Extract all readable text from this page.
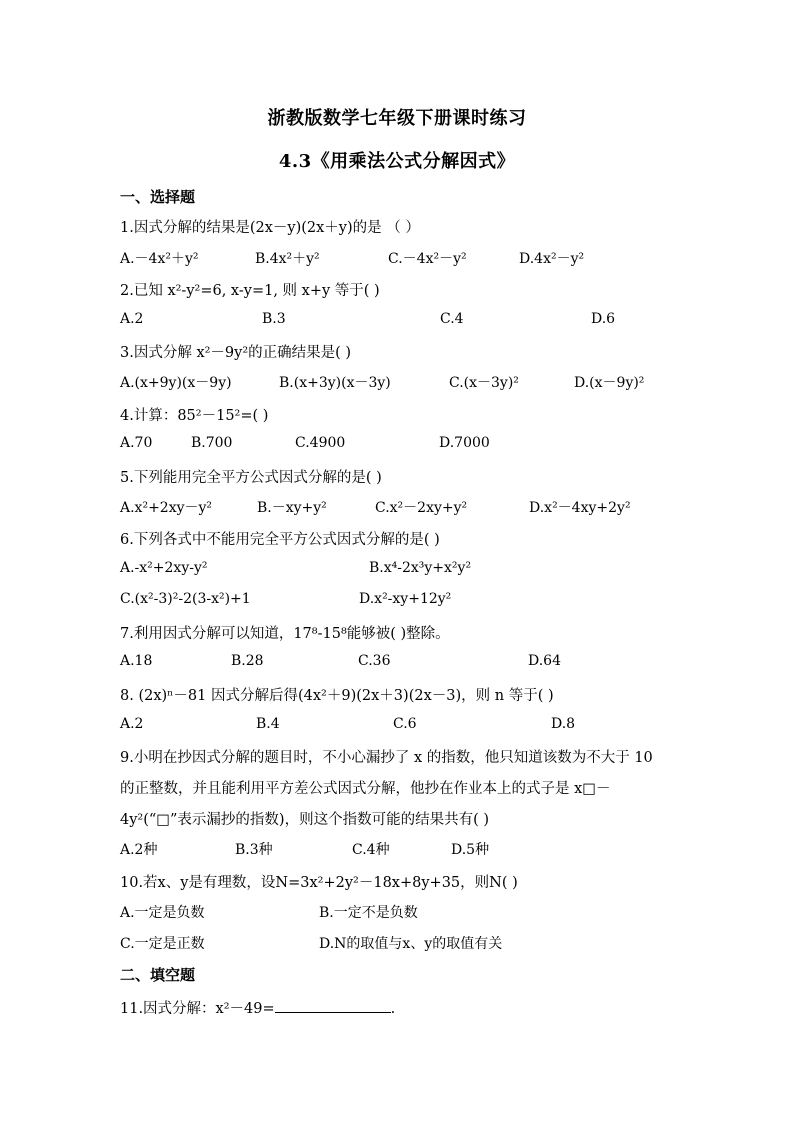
浙教版数学七年级下册课时练习
4.3《用乘法公式分解因式》
一、选择题
1.因式分解的结果是(2x－y)(2x＋y)的是 （ ）
A.－4x²＋y²	B.4x²＋y²	C.－4x²－y²	D.4x²－y²
2.已知 x²-y²=6, x-y=1, 则 x+y 等于( )
A.2	B.3	C.4	D.6
3.因式分解 x²－9y²的正确结果是( )
A.(x+9y)(x－9y)	B.(x+3y)(x－3y)	C.(x－3y)²	D.(x－9y)²
4.计算：85²－15²=( )
A.70	B.700	C.4900	D.7000
5.下列能用完全平方公式因式分解的是( )
A.x²+2xy－y²	B.－xy+y²	C.x²－2xy+y²	D.x²－4xy+2y²
6.下列各式中不能用完全平方公式因式分解的是( )
A.-x²+2xy-y²	B.x⁴-2x³y+x²y²
C.(x²-3)²-2(3-x²)+1	D.x²-xy+12y²
7.利用因式分解可以知道，17⁸-15⁸能够被( )整除。
A.18	B.28	C.36	D.64
8. (2x)ⁿ－81 因式分解后得(4x²＋9)(2x＋3)(2x－3)，则 n 等于( )
A.2	B.4	C.6	D.8
9.小明在抄因式分解的题目时，不小心漏抄了 x 的指数，他只知道该数为不大于 10
的正整数，并且能利用平方差公式因式分解，他抄在作业本上的式子是 x□－
4y²(“□”表示漏抄的指数)，则这个指数可能的结果共有( )
A.2种	B.3种	C.4种	D.5种
10.若x、y是有理数，设N=3x²+2y²－18x+8y+35，则N( )
A.一定是负数	B.一定不是负数
C.一定是正数	D.N的取值与x、y的取值有关
二、填空题
11.因式分解：x²－49=	.
